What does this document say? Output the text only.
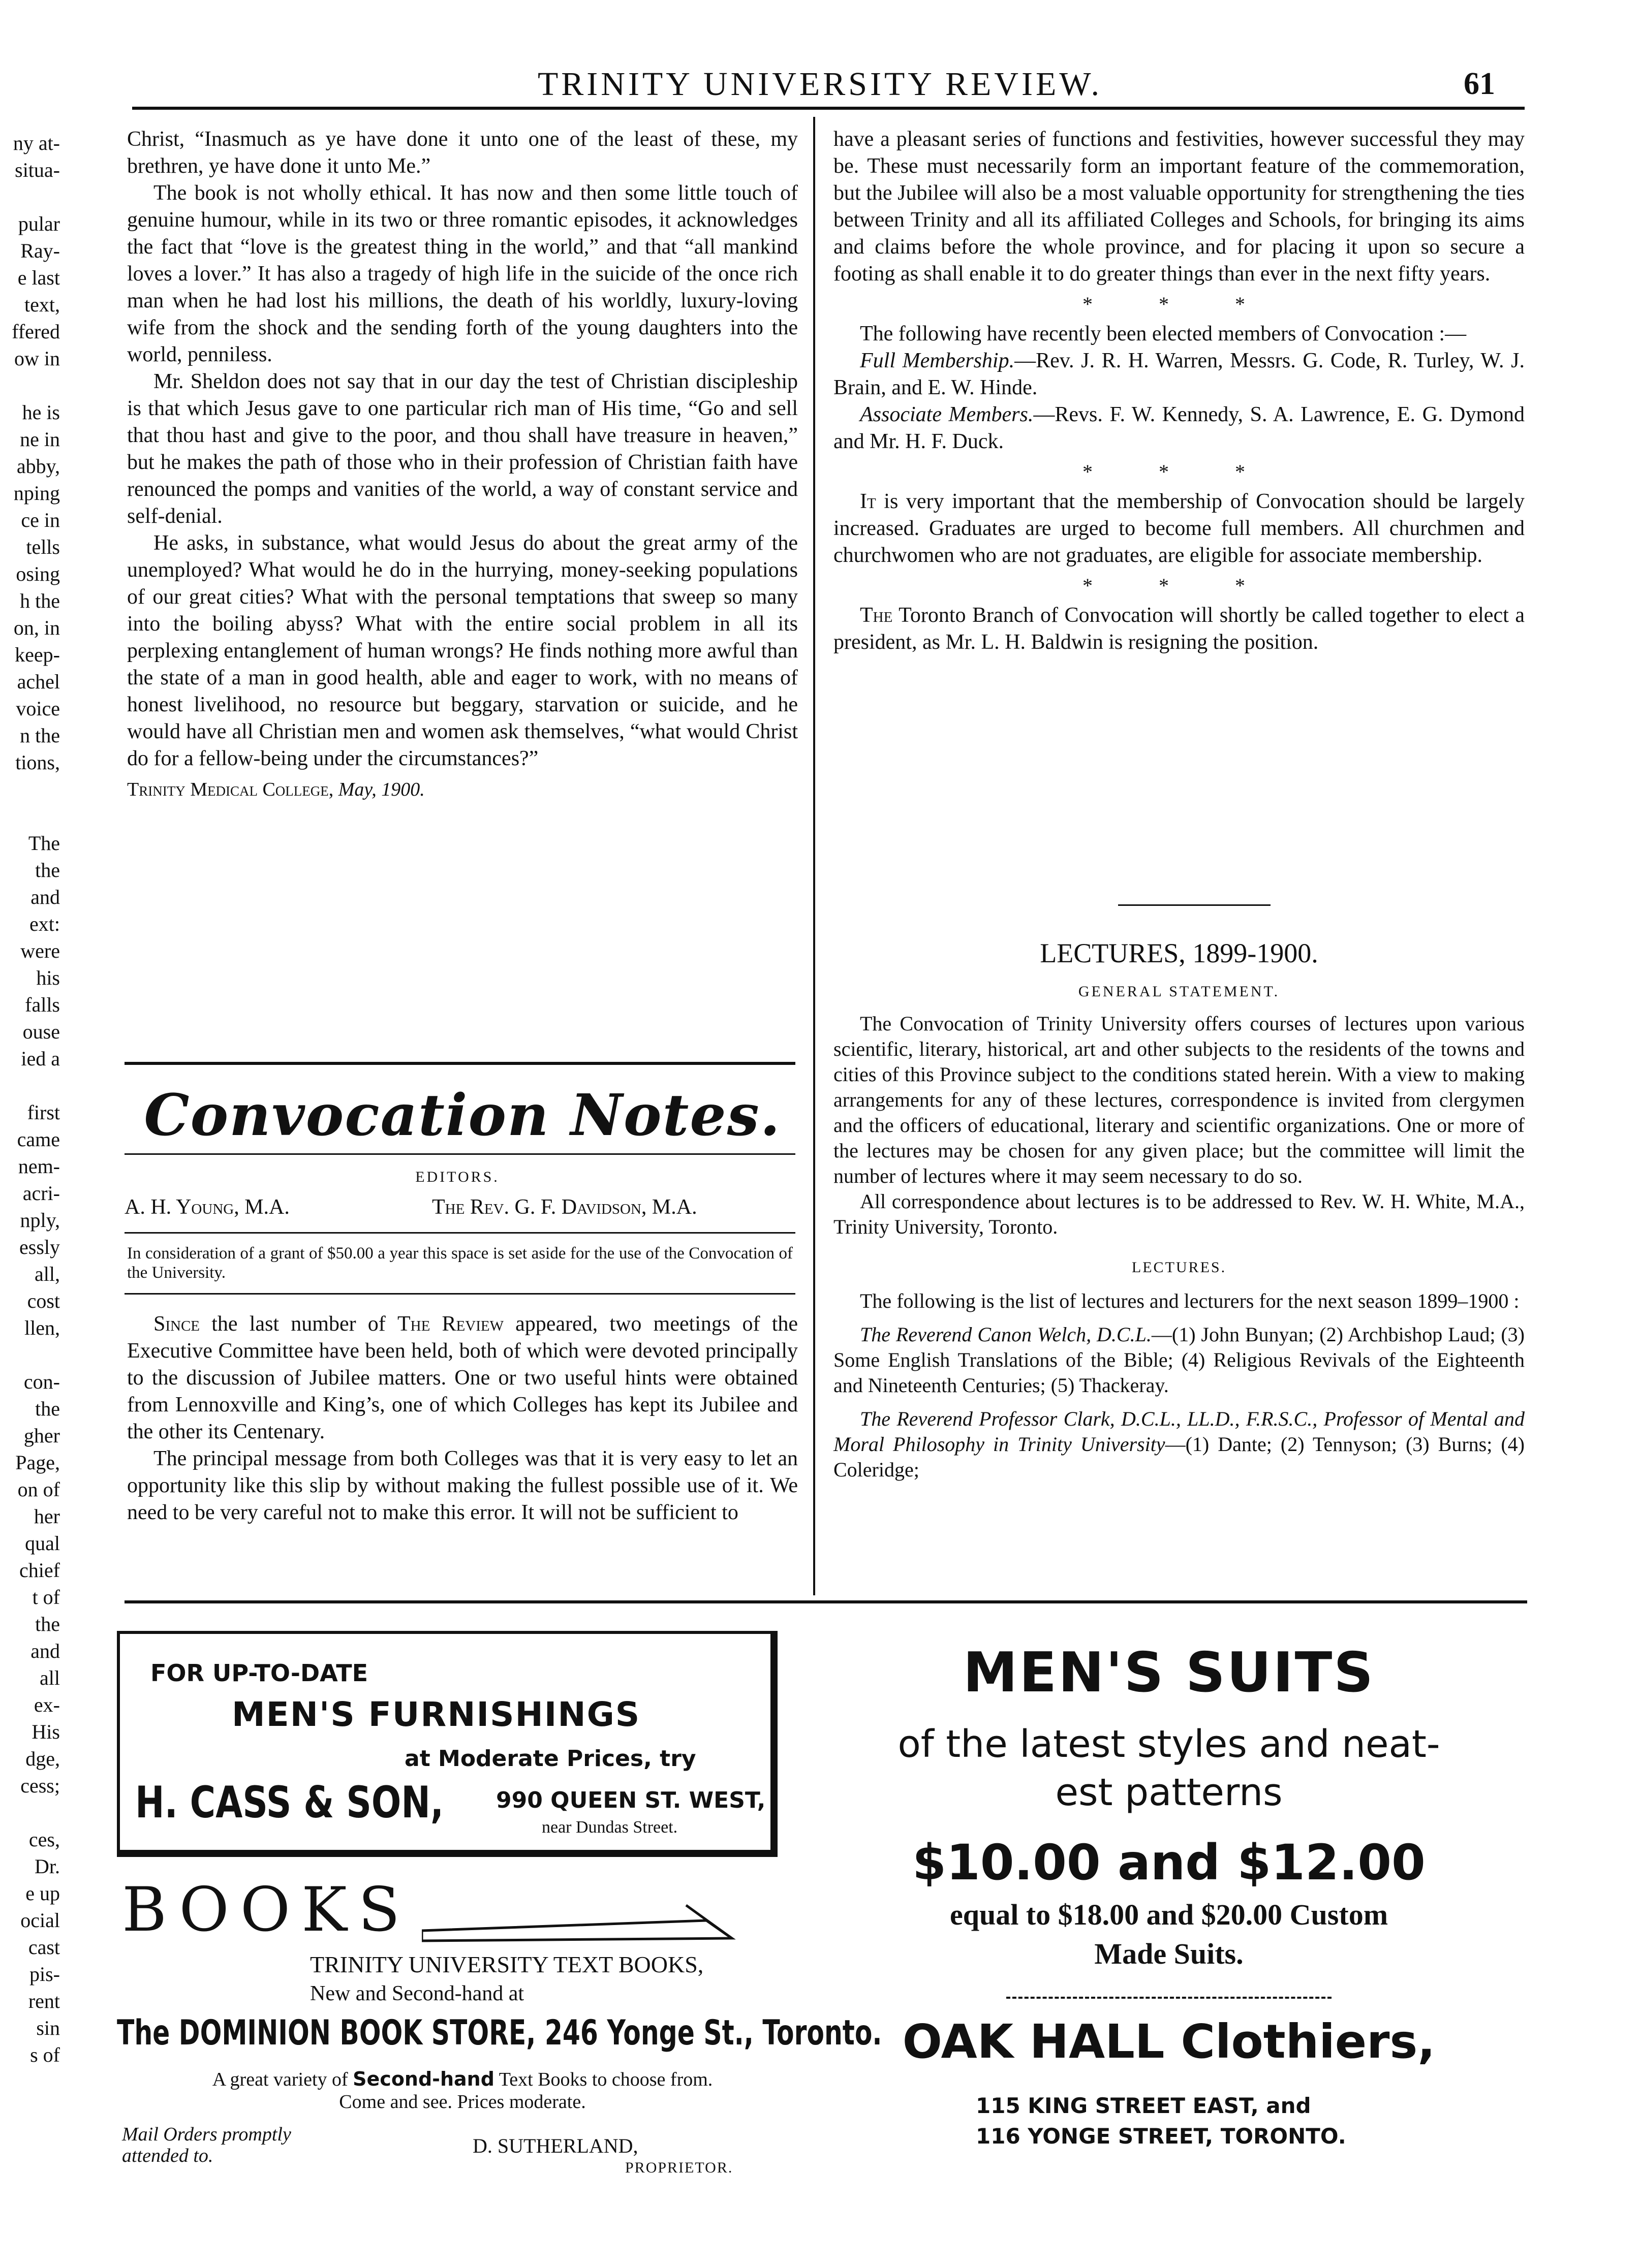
TRINITY UNIVERSITY REVIEW.	61
ny at-
situa-
pular
Ray-
e last
text,
ffered
ow in
he is
ne in
abby,
nping
ce in
tells
osing
h the
on, in
keep-
achel
voice
n the
tions,
The
the
and
ext:
were
his
falls
ouse
ied a
first
came
nem-
acri-
nply,
essly
all,
cost
llen,
con-
the
gher
Page,
on of
her
qual
chief
t of
the
and
all
ex-
His
dge,
cess;
ces,
Dr.
e up
ocial
cast
pis-
rent
sin
s of

Christ, “Inasmuch as ye have done it unto one of the least of these, my brethren, ye have done it unto Me.”

The book is not wholly ethical. It has now and then some little touch of genuine humour, while in its two or three romantic episodes, it acknowledges the fact that “love is the greatest thing in the world,” and that “all mankind loves a lover.” It has also a tragedy of high life in the suicide of the once rich man when he had lost his millions, the death of his worldly, luxury-loving wife from the shock and the sending forth of the young daughters into the world, penniless.

Mr. Sheldon does not say that in our day the test of Christian discipleship is that which Jesus gave to one particular rich man of His time, “Go and sell that thou hast and give to the poor, and thou shall have treasure in heaven,” but he makes the path of those who in their profession of Christian faith have renounced the pomps and vanities of the world, a way of constant service and self-denial.

He asks, in substance, what would Jesus do about the great army of the unemployed? What would he do in the hurrying, money-seeking populations of our great cities? What with the personal temptations that sweep so many into the boiling abyss? What with the entire social problem in all its perplexing entanglement of human wrongs? He finds nothing more awful than the state of a man in good health, able and eager to work, with no means of honest livelihood, no resource but beggary, starvation or suicide, and he would have all Christian men and women ask themselves, “what would Christ do for a fellow-being under the circumstances?”

Trinity Medical College, May, 1900.

Convocation Notes.
EDITORS.
A. H. Young, M.A.	The Rev. G. F. Davidson, M.A.
In consideration of a grant of $50.00 a year this space is set aside for the use of the Convocation of the University.

Since the last number of The Review appeared, two meetings of the Executive Committee have been held, both of which were devoted principally to the discussion of Jubilee matters. One or two useful hints were obtained from Lennoxville and King’s, one of which Colleges has kept its Jubilee and the other its Centenary.

The principal message from both Colleges was that it is very easy to let an opportunity like this slip by without making the fullest possible use of it. We need to be very careful not to make this error. It will not be sufficient to

have a pleasant series of functions and festivities, however successful they may be. These must necessarily form an important feature of the commemoration, but the Jubilee will also be a most valuable opportunity for strengthening the ties between Trinity and all its affiliated Colleges and Schools, for bringing its aims and claims before the whole province, and for placing it upon so secure a footing as shall enable it to do greater things than ever in the next fifty years.

* * *

The following have recently been elected members of Convocation :—

Full Membership.—Rev. J. R. H. Warren, Messrs. G. Code, R. Turley, W. J. Brain, and E. W. Hinde.

Associate Members.—Revs. F. W. Kennedy, S. A. Lawrence, E. G. Dymond and Mr. H. F. Duck.

* * *

It is very important that the membership of Convocation should be largely increased. Graduates are urged to become full members. All churchmen and churchwomen who are not graduates, are eligible for associate membership.

* * *

The Toronto Branch of Convocation will shortly be called together to elect a president, as Mr. L. H. Baldwin is resigning the position.

LECTURES, 1899-1900.
GENERAL STATEMENT.

The Convocation of Trinity University offers courses of lectures upon various scientific, literary, historical, art and other subjects to the residents of the towns and cities of this Province subject to the conditions stated herein. With a view to making arrangements for any of these lectures, correspondence is invited from clergymen and the officers of educational, literary and scientific organizations. One or more of the lectures may be chosen for any given place; but the committee will limit the number of lectures where it may seem necessary to do so.

All correspondence about lectures is to be addressed to Rev. W. H. White, M.A., Trinity University, Toronto.

LECTURES.

The following is the list of lectures and lecturers for the next season 1899–1900 :

The Reverend Canon Welch, D.C.L.—(1) John Bunyan; (2) Archbishop Laud; (3) Some English Translations of the Bible; (4) Religious Revivals of the Eighteenth and Nineteenth Centuries; (5) Thackeray.

The Reverend Professor Clark, D.C.L., LL.D., F.R.S.C., Professor of Mental and Moral Philosophy in Trinity University—(1) Dante; (2) Tennyson; (3) Burns; (4) Coleridge;

FOR UP-TO-DATE
MEN'S FURNISHINGS
at Moderate Prices, try
H. CASS & SON, 990 QUEEN ST. WEST,
near Dundas Street.
BOOKS
TRINITY UNIVERSITY TEXT BOOKS,
New and Second-hand at
The DOMINION BOOK STORE, 246 Yonge St., Toronto.
A great variety of Second-hand Text Books to choose from. Come and see. Prices moderate.
Mail Orders promptly attended to.	D. SUTHERLAND,
PROPRIETOR.
MEN'S SUITS
of the latest styles and neat-
est patterns
$10.00 and $12.00
equal to $18.00 and $20.00 Custom
Made Suits.
OAK HALL Clothiers,
115 KING STREET EAST, and
116 YONGE STREET, TORONTO.
